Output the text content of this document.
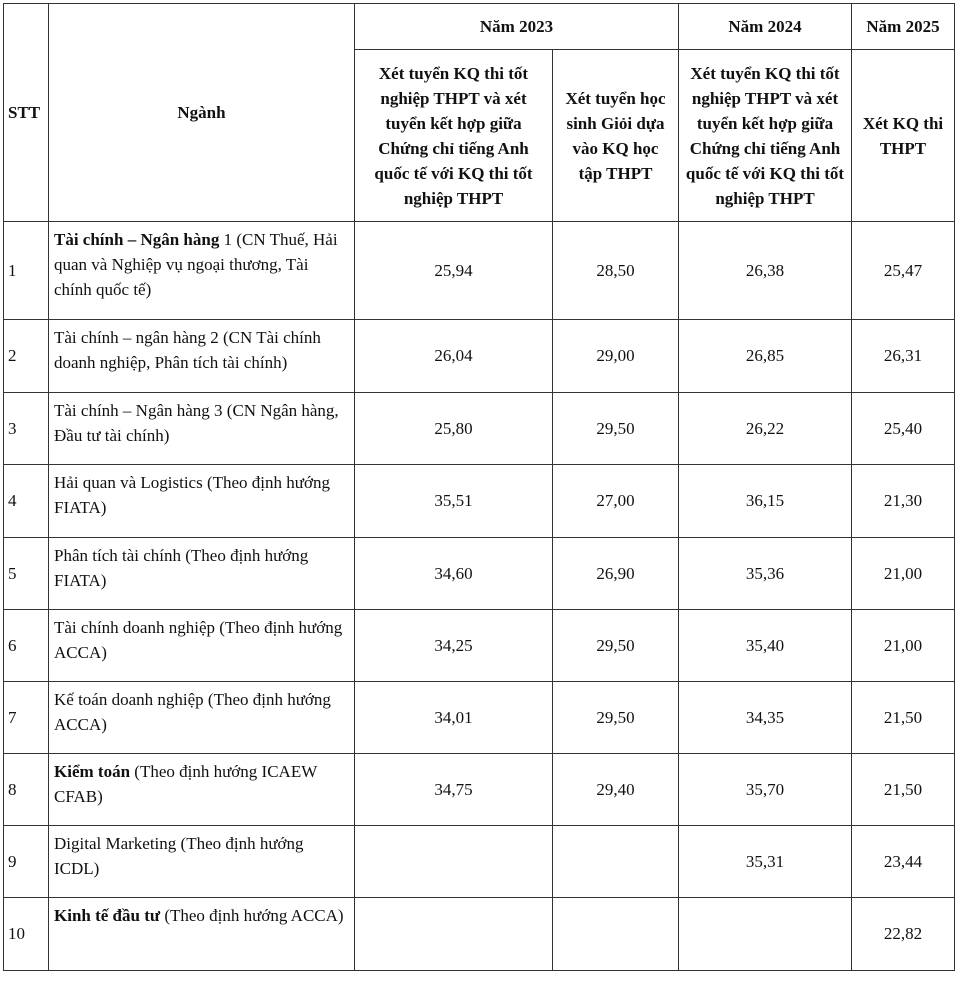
STT	Ngành	Năm 2023		Năm 2024	Năm 2025
		Xét tuyển KQ thi tốt nghiệp THPT và xét tuyển kết hợp giữa Chứng chỉ tiếng Anh quốc tế với KQ thi tốt nghiệp THPT	Xét tuyển học sinh Giỏi dựa vào KQ học tập THPT	Xét tuyển KQ thi tốt nghiệp THPT và xét tuyển kết hợp giữa Chứng chỉ tiếng Anh quốc tế với KQ thi tốt nghiệp THPT	Xét KQ thi THPT
1	Tài chính – Ngân hàng 1 (CN Thuế, Hải quan và Nghiệp vụ ngoại thương, Tài chính quốc tế)	25,94	28,50	26,38	25,47
2	Tài chính – ngân hàng 2 (CN Tài chính doanh nghiệp, Phân tích tài chính)	26,04	29,00	26,85	26,31
3	Tài chính – Ngân hàng 3 (CN Ngân hàng, Đầu tư tài chính)	25,80	29,50	26,22	25,40
4	Hải quan và Logistics (Theo định hướng FIATA)	35,51	27,00	36,15	21,30
5	Phân tích tài chính (Theo định hướng FIATA)	34,60	26,90	35,36	21,00
6	Tài chính doanh nghiệp (Theo định hướng ACCA)	34,25	29,50	35,40	21,00
7	Kế toán doanh nghiệp (Theo định hướng ACCA)	34,01	29,50	34,35	21,50
8	Kiểm toán (Theo định hướng ICAEW CFAB)	34,75	29,40	35,70	21,50
9	Digital Marketing (Theo định hướng ICDL)			35,31	23,44
10	Kinh tế đầu tư (Theo định hướng ACCA)				22,82
